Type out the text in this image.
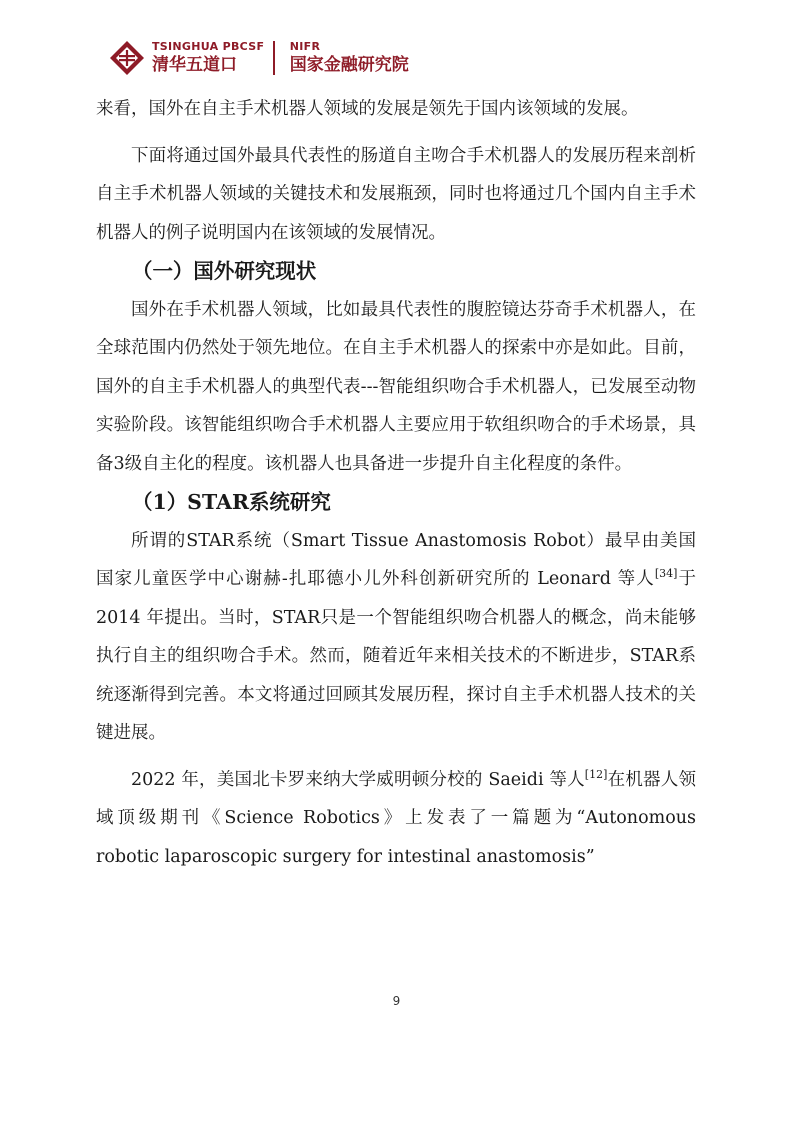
TSINGHUA PBCSF
清华五道口
NIFR
国家金融研究院

来看，国外在自主手术机器人领域的发展是领先于国内该领域的发展。

下面将通过国外最具代表性的肠道自主吻合手术机器人的发展历程来剖析自主手术机器人领域的关键技术和发展瓶颈，同时也将通过几个国内自主手术机器人的例子说明国内在该领域的发展情况。

（一）国外研究现状

国外在手术机器人领域，比如最具代表性的腹腔镜达芬奇手术机器人，在全球范围内仍然处于领先地位。在自主手术机器人的探索中亦是如此。目前，国外的自主手术机器人的典型代表---智能组织吻合手术机器人，已发展至动物实验阶段。该智能组织吻合手术机器人主要应用于软组织吻合的手术场景，具备3级自主化的程度。该机器人也具备进一步提升自主化程度的条件。

（1）STAR系统研究

所谓的STAR系统（Smart Tissue Anastomosis Robot）最早由美国国家儿童医学中心谢赫-扎耶德小儿外科创新研究所的 Leonard 等人[34]于 2014 年提出。当时，STAR只是一个智能组织吻合机器人的概念，尚未能够执行自主的组织吻合手术。然而，随着近年来相关技术的不断进步，STAR系统逐渐得到完善。本文将通过回顾其发展历程，探讨自主手术机器人技术的关键进展。

2022 年，美国北卡罗来纳大学威明顿分校的 Saeidi 等人[12]在机器人领域顶级期刊《Science Robotics》上发表了一篇题为“Autonomous robotic laparoscopic surgery for intestinal anastomosis”

9
